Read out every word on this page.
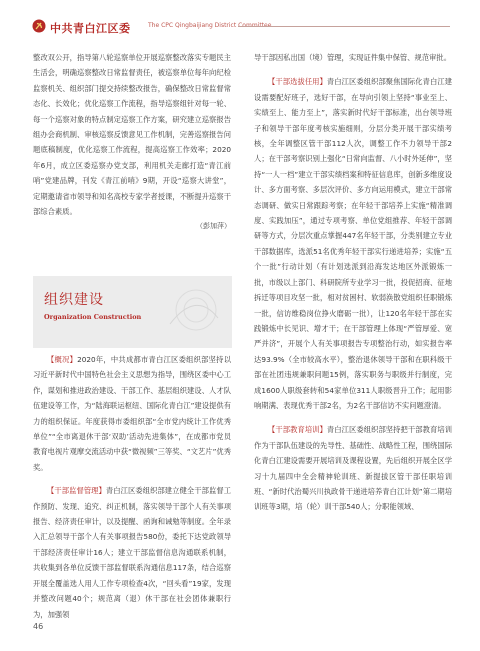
中共青白江区委	The CPC Qingbaijiang District Committee

整改双公开，指导第八轮巡察单位开展巡察整改落实专题民主生活会，明确巡察整改日常监督责任，被巡察单位每年向纪检监察机关、组织部门提交持续整改报告，确保整改日常监督常态化、长效化；优化巡察工作流程，指导巡察组针对每一轮、每一个巡察对象的特点制定巡察工作方案，研究建立巡察报告组办会商机制、审核巡察反馈意见工作机制，完善巡察报告问题底稿制度，优化巡察工作流程，提高巡察工作效率；2020年6月，成立区委巡察办党支部，利用机关走廊打造“青江前哨”党建品牌，刊发《青江前哨》9期，开设“巡察大讲堂”，定期邀请省市领导和知名高校专家学者授课，不断提升巡察干部综合素质。

（彭加萍）
组织建设
Organization Construction

【概况】2020年，中共成都市青白江区委组织部坚持以习近平新时代中国特色社会主义思想为指导，围绕区委中心工作，谋划和推进政治建设、干部工作、基层组织建设、人才队伍建设等工作，为“陆海联运枢纽、国际化青白江”建设提供有力的组织保证。年度获得市委组织部“全市党内统计工作优秀单位”“全市离退休干部‘双助’活动先进集体”，在成都市党员教育电视片观摩交流活动中获“微视频”三等奖、“文艺片”优秀奖。

【干部监督管理】青白江区委组织部建立健全干部监督工作预防、发现、追究、纠正机制，落实领导干部个人有关事项报告、经济责任审计，以及提醒、函询和诫勉等制度。全年录入汇总领导干部个人有关事项报告580份，委托下达党政领导干部经济责任审计16人；建立干部监督信息沟通联系机制，共收集到各单位反馈干部监督联系沟通信息117条，结合巡察开展全覆盖选人用人工作专项检查4次，“回头看”19家，发现并整改问题40个；规范离（退）休干部在社会团体兼职行为，加强领

导干部因私出国（境）管理，实现证件集中保管、规范审批。

【干部选拔任用】青白江区委组织部聚焦国际化青白江建设需要配好班子，选好干部，在导向引领上坚持“事业至上、实绩至上、能力至上”，落实新时代好干部标准，出台领导班子和领导干部年度考核实施细则，分层分类开展干部实绩考核，全年调整区管干部112人次，调整工作不力领导干部2人；在干部考察识别上强化“日常向监督、八小时外延伸”，坚持“一人一档”建立干部实绩档案和特征信息库，创新多维度设计、多方面考察、多层次评价、多方向运用模式，建立干部常态调研、做实日常跟踪考察；在年轻干部培养上实施“精准调度、实践加压”，通过专项考察、单位党组推荐、年轻干部调研等方式，分层次重点掌握447名年轻干部，分类别建立专业干部数据库，选派51名优秀年轻干部实行递进培养；实施“五个一批”行动计划（有计划选派到沿海发达地区外派锻炼一批，市级以上部门、科研院所专业学习一批，投促招商、征地拆迁等项目攻坚一批，相对贫困村、软弱涣散党组织任职锻炼一批，信访维稳岗位挣火磨砺一批），让120名年轻干部在实践锻炼中长见识、增才干；在干部管理上体现“严管厚爱、宽严并济”，开展个人有关事项报告专项整治行动，如实报告率达93.9%（全市较高水平），整治退休领导干部和在职科级干部在社团违规兼职问题15例，落实职务与职级并行制度，完成1600人职级套转和54家单位311人职级晋升工作；起用影响期满、表现优秀干部2名，为2名干部信访不实问题澄清。

【干部教育培训】青白江区委组织部坚持把干部教育培训作为干部队伍建设的先导性、基础性、战略性工程，围绕国际化青白江建设需要开展培训及课程设置，先后组织开展全区学习十九届四中全会精神轮训班、新提拔区管干部任职培训班、“新时代治蜀兴川执政骨干递进培养青白江计划”第二期培训班等3期，培（轮）训干部540人；分职能领域、

46
